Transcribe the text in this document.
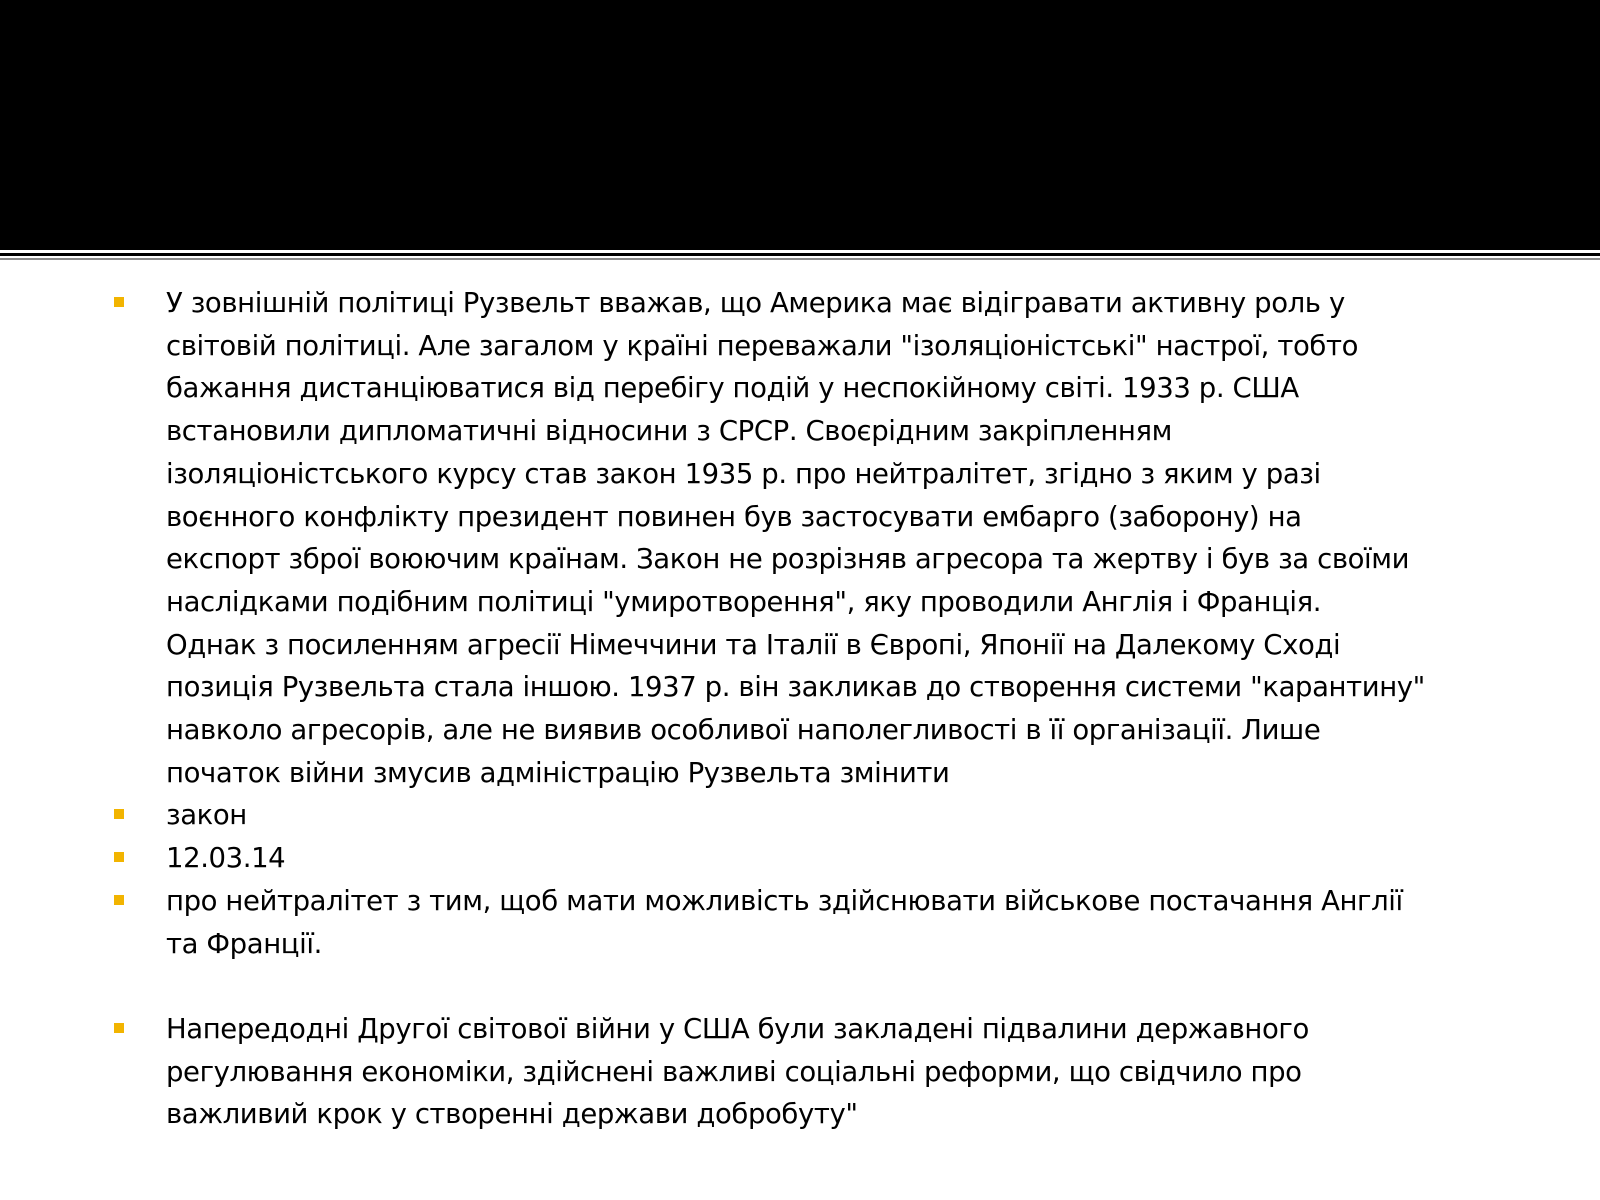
У зовнішній політиці Рузвельт вважав, що Америка має відігравати активну роль у
світовій політиці. Але загалом у країні переважали "ізоляціоністські" настрої, тобто
бажання дистанціюватися від перебігу подій у неспокійному світі. 1933 р. США
встановили дипломатичні відносини з СРСР. Своєрідним закріпленням
ізоляціоністського курсу став закон 1935 р. про нейтралітет, згідно з яким у разі
воєнного конфлікту президент повинен був застосувати ембарго (заборону) на
експорт зброї воюючим країнам. Закон не розрізняв агресора та жертву і був за своїми
наслідками подібним політиці "умиротворення", яку проводили Англія і Франція.
Однак з посиленням агресії Німеччини та Італії в Європі, Японії на Далекому Сході
позиція Рузвельта стала іншою. 1937 р. він закликав до створення системи "карантину"
навколо агресорів, але не виявив особливої наполегливості в її організації. Лише
початок війни змусив адміністрацію Рузвельта змінити
закон
12.03.14
про нейтралітет з тим, щоб мати можливість здійснювати військове постачання Англії
та Франції.
Напередодні Другої світової війни у США були закладені підвалини державного
регулювання економіки, здійснені важливі соціальні реформи, що свідчило про
важливий крок у створенні держави добробуту"
